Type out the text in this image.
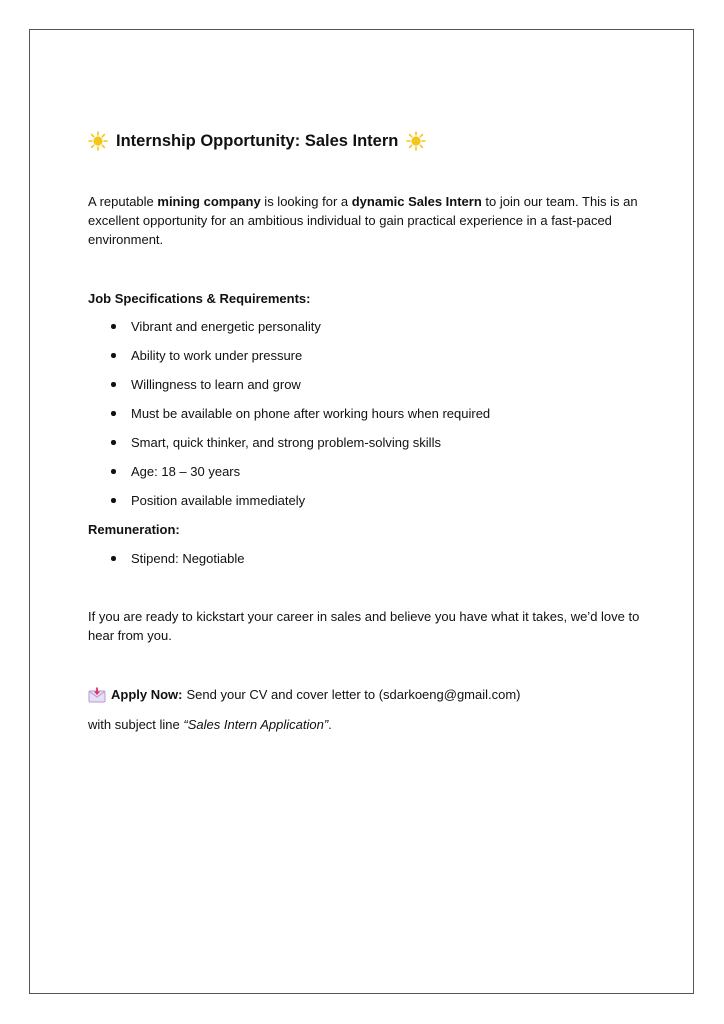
Internship Opportunity: Sales Intern

A reputable mining company is looking for a dynamic Sales Intern to join our team. This is an excellent opportunity for an ambitious individual to gain practical experience in a fast-paced environment.

Job Specifications & Requirements:

Vibrant and energetic personality
Ability to work under pressure
Willingness to learn and grow
Must be available on phone after working hours when required
Smart, quick thinker, and strong problem-solving skills
Age: 18 – 30 years
Position available immediately

Remuneration:

Stipend: Negotiable

If you are ready to kickstart your career in sales and believe you have what it takes, we’d love to hear from you.

Apply Now: Send your CV and cover letter to (sdarkoeng@gmail.com)

with subject line “Sales Intern Application”.
